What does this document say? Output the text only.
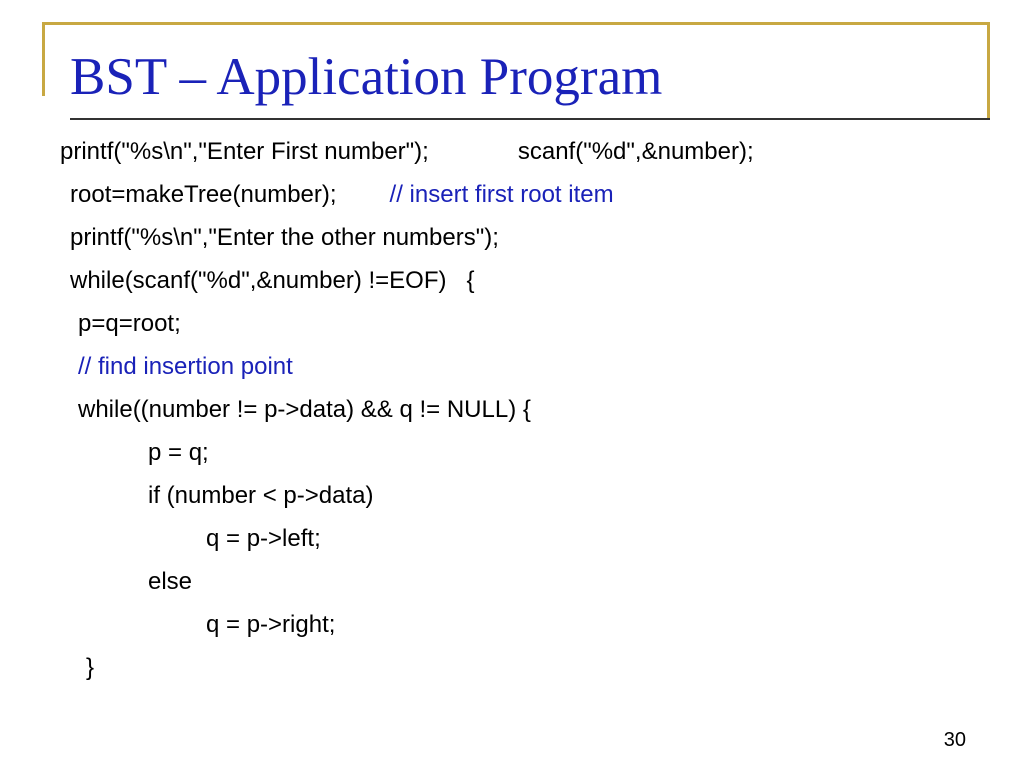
BST – Application Program

printf("%s\n","Enter First number");	scanf("%d",&number);

root=makeTree(number); // insert first root item

printf("%s\n","Enter the other numbers");

while(scanf("%d",&number) !=EOF)   {

p=q=root;

// find insertion point

while((number != p->data) && q != NULL) {

p = q;

if (number < p->data)

q = p->left;

else

q = p->right;

}

30
